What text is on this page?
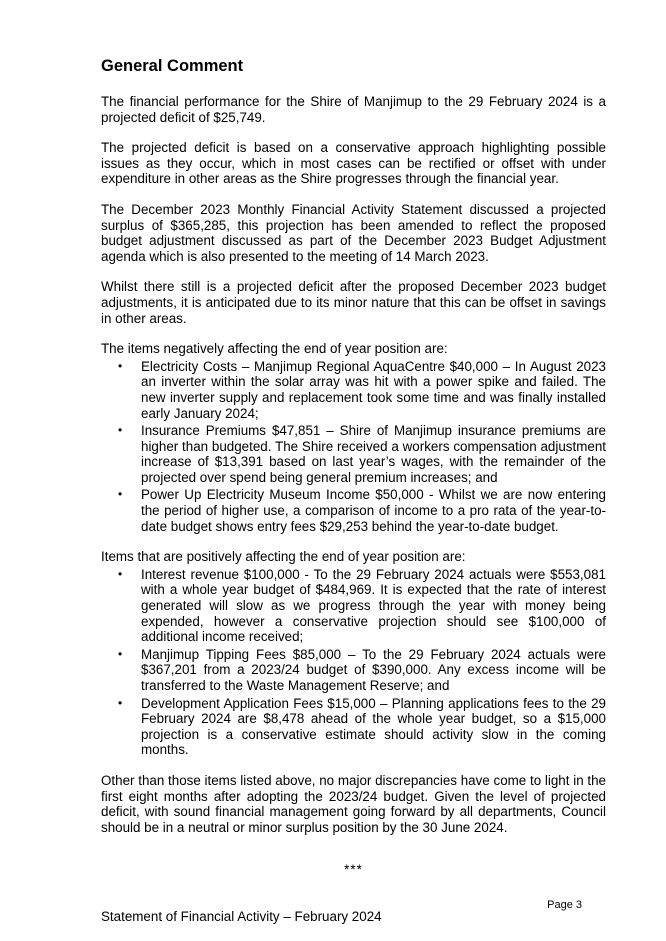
General Comment

The financial performance for the Shire of Manjimup to the 29 February 2024 is a projected deficit of $25,749.

The projected deficit is based on a conservative approach highlighting possible issues as they occur, which in most cases can be rectified or offset with under expenditure in other areas as the Shire progresses through the financial year.

The December 2023 Monthly Financial Activity Statement discussed a projected surplus of $365,285, this projection has been amended to reflect the proposed budget adjustment discussed as part of the December 2023 Budget Adjustment agenda which is also presented to the meeting of 14 March 2023.

Whilst there still is a projected deficit after the proposed December 2023 budget adjustments, it is anticipated due to its minor nature that this can be offset in savings in other areas.

The items negatively affecting the end of year position are:

• Electricity Costs – Manjimup Regional AquaCentre $40,000 – In August 2023 an inverter within the solar array was hit with a power spike and failed. The new inverter supply and replacement took some time and was finally installed early January 2024;
• Insurance Premiums $47,851 – Shire of Manjimup insurance premiums are higher than budgeted. The Shire received a workers compensation adjustment increase of $13,391 based on last year’s wages, with the remainder of the projected over spend being general premium increases; and
• Power Up Electricity Museum Income $50,000 - Whilst we are now entering the period of higher use, a comparison of income to a pro rata of the year-to-date budget shows entry fees $29,253 behind the year-to-date budget.

Items that are positively affecting the end of year position are:

• Interest revenue $100,000 - To the 29 February 2024 actuals were $553,081 with a whole year budget of $484,969. It is expected that the rate of interest generated will slow as we progress through the year with money being expended, however a conservative projection should see $100,000 of additional income received;
• Manjimup Tipping Fees $85,000 – To the 29 February 2024 actuals were $367,201 from a 2023/24 budget of $390,000. Any excess income will be transferred to the Waste Management Reserve; and
• Development Application Fees $15,000 – Planning applications fees to the 29 February 2024 are $8,478 ahead of the whole year budget, so a $15,000 projection is a conservative estimate should activity slow in the coming months.

Other than those items listed above, no major discrepancies have come to light in the first eight months after adopting the 2023/24 budget. Given the level of projected deficit, with sound financial management going forward by all departments, Council should be in a neutral or minor surplus position by the 30 June 2024.

***
Page 3
Statement of Financial Activity – February 2024
